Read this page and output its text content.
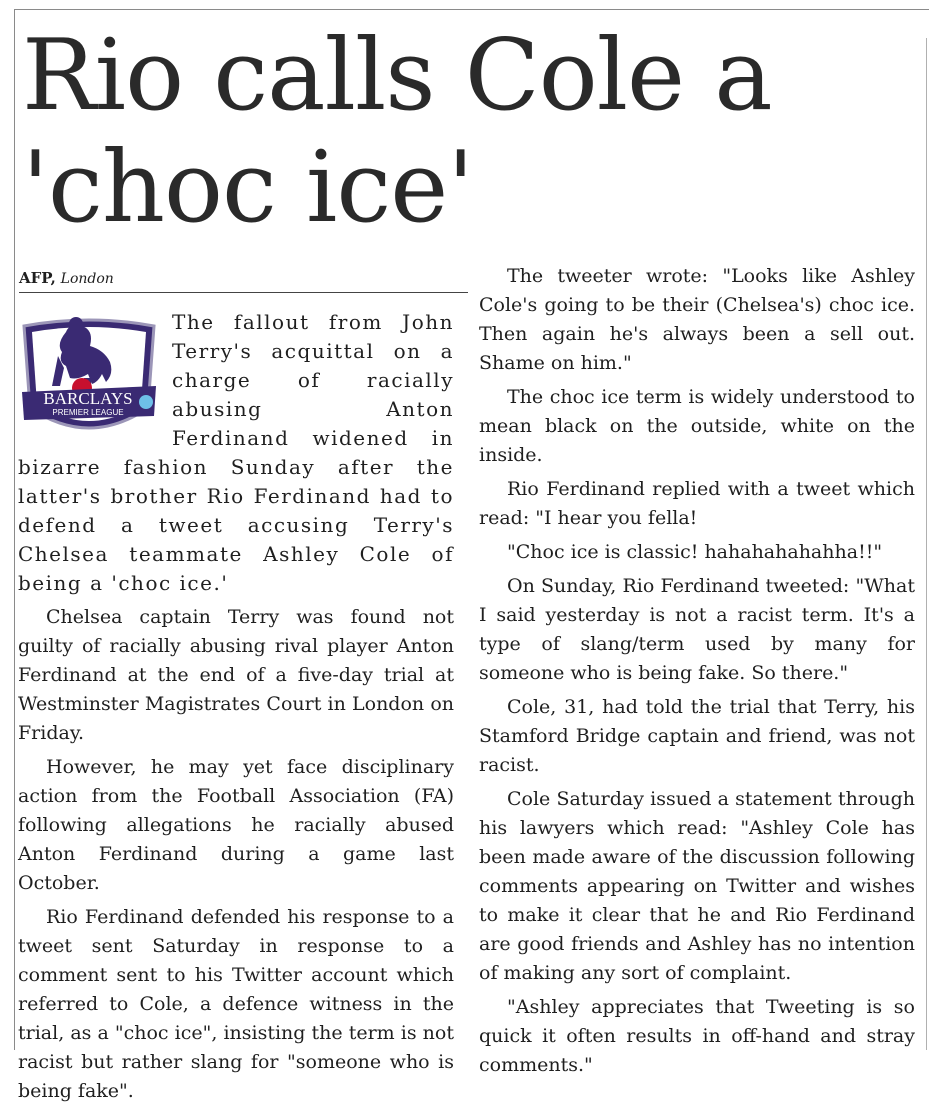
Rio calls Cole a 'choc ice'
AFP, London
BARCLAYS
PREMIER LEAGUE

The fallout from John Terry's acquittal on a charge of racially abusing Anton Ferdinand widened in bizarre fashion Sunday after the latter's brother Rio Ferdinand had to defend a tweet accusing Terry's Chelsea teammate Ashley Cole of being a 'choc ice.'

Chelsea captain Terry was found not guilty of racially abusing rival player Anton Ferdinand at the end of a five-day trial at Westminster Magistrates Court in London on Friday.

However, he may yet face disciplinary action from the Football Association (FA) following allegations he racially abused Anton Ferdinand during a game last October.

Rio Ferdinand defended his response to a tweet sent Saturday in response to a comment sent to his Twitter account which referred to Cole, a defence witness in the trial, as a "choc ice", insisting the term is not racist but rather slang for "someone who is being fake".

The tweeter wrote: "Looks like Ashley Cole's going to be their (Chelsea's) choc ice. Then again he's always been a sell out. Shame on him."

The choc ice term is widely understood to mean black on the outside, white on the inside.

Rio Ferdinand replied with a tweet which read: "I hear you fella!

"Choc ice is classic! hahahahahahha!!"

On Sunday, Rio Ferdinand tweeted: "What I said yesterday is not a racist term. It's a type of slang/term used by many for someone who is being fake. So there."

Cole, 31, had told the trial that Terry, his Stamford Bridge captain and friend, was not racist.

Cole Saturday issued a statement through his lawyers which read: "Ashley Cole has been made aware of the discussion following comments appearing on Twitter and wishes to make it clear that he and Rio Ferdinand are good friends and Ashley has no intention of making any sort of complaint.

"Ashley appreciates that Tweeting is so quick it often results in off-hand and stray comments."
